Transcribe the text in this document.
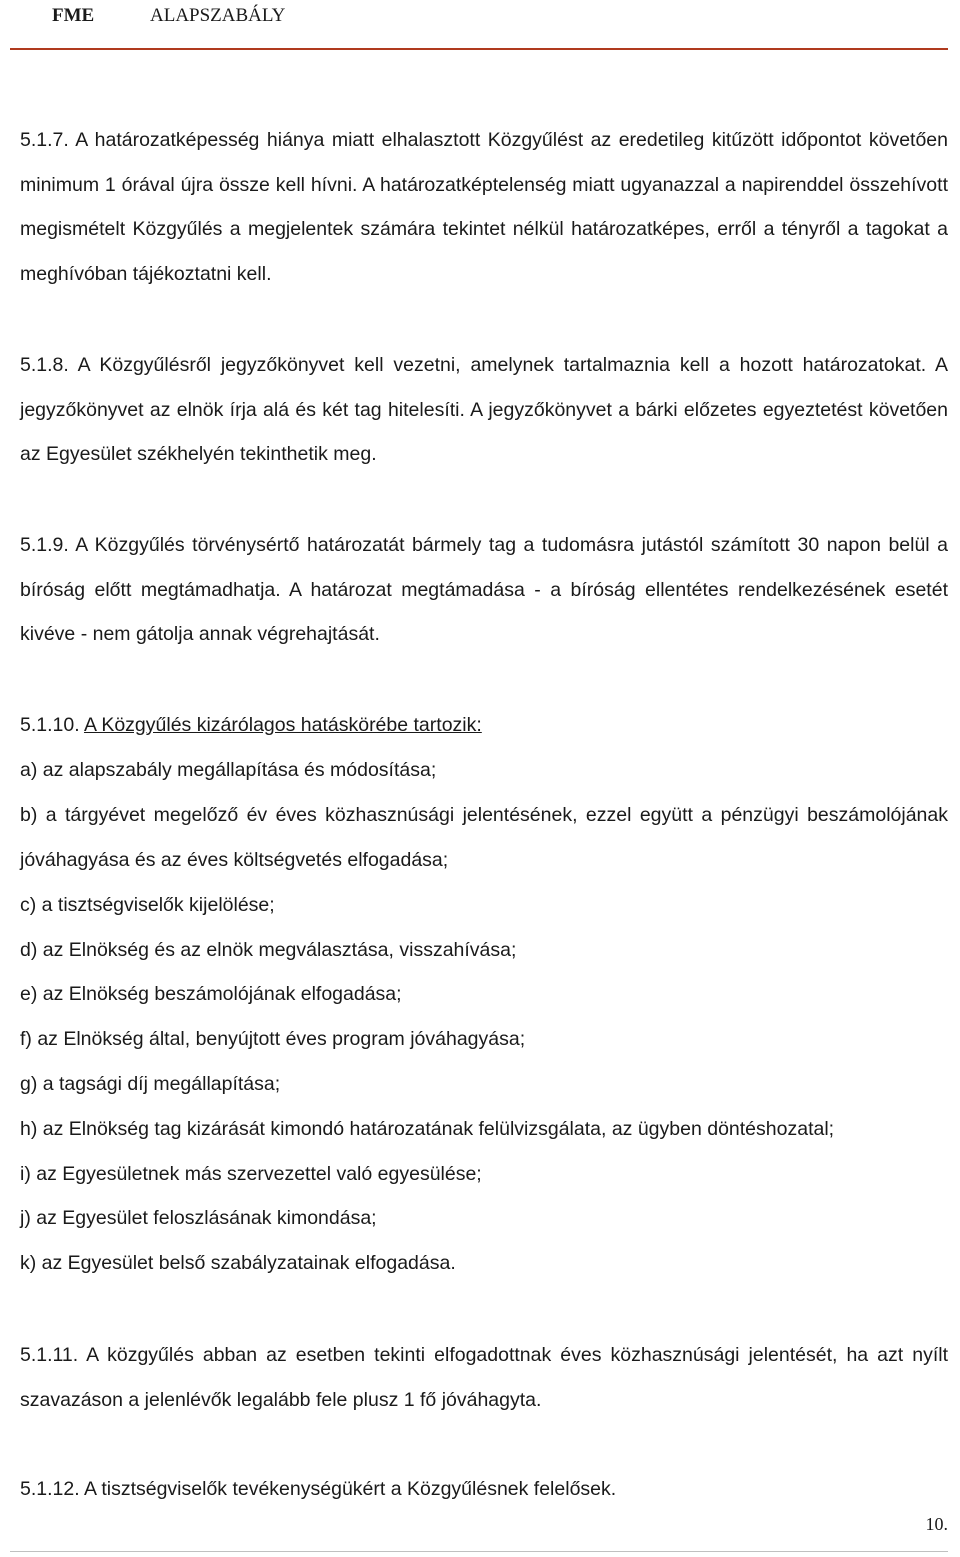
FME	ALAPSZABÁLY
5.1.7. A határozatképesség hiánya miatt elhalasztott Közgyűlést az eredetileg kitűzött időpontot követően minimum 1 órával újra össze kell hívni. A határozatképtelenség miatt ugyanazzal a napirenddel összehívott megismételt Közgyűlés a megjelentek számára tekintet nélkül határozatképes, erről a tényről a tagokat a meghívóban tájékoztatni kell.
5.1.8. A Közgyűlésről jegyzőkönyvet kell vezetni, amelynek tartalmaznia kell a hozott határozatokat. A jegyzőkönyvet az elnök írja alá és két tag hitelesíti. A jegyzőkönyvet a bárki előzetes egyeztetést követően az Egyesület székhelyén tekinthetik meg.
5.1.9. A Közgyűlés törvénysértő határozatát bármely tag a tudomásra jutástól számított 30 napon belül a bíróság előtt megtámadhatja. A határozat megtámadása - a bíróság ellentétes rendelkezésének esetét kivéve - nem gátolja annak végrehajtását.
5.1.10. A Közgyűlés kizárólagos hatáskörébe tartozik:
a) az alapszabály megállapítása és módosítása;
b) a tárgyévet megelőző év éves közhasznúsági jelentésének, ezzel együtt a pénzügyi beszámolójának jóváhagyása és az éves költségvetés elfogadása;
c) a tisztségviselők kijelölése;
d) az Elnökség és az elnök megválasztása, visszahívása;
e) az Elnökség beszámolójának elfogadása;
f) az Elnökség által, benyújtott éves program jóváhagyása;
g) a tagsági díj megállapítása;
h) az Elnökség tag kizárását kimondó határozatának felülvizsgálata, az ügyben döntéshozatal;
i) az Egyesületnek más szervezettel való egyesülése;
j) az Egyesület feloszlásának kimondása;
k) az Egyesület belső szabályzatainak elfogadása.
5.1.11. A közgyűlés abban az esetben tekinti elfogadottnak éves közhasznúsági jelentését, ha azt nyílt szavazáson a jelenlévők legalább fele plusz 1 fő jóváhagyta.
5.1.12. A tisztségviselők tevékenységükért a Közgyűlésnek felelősek.
10.
